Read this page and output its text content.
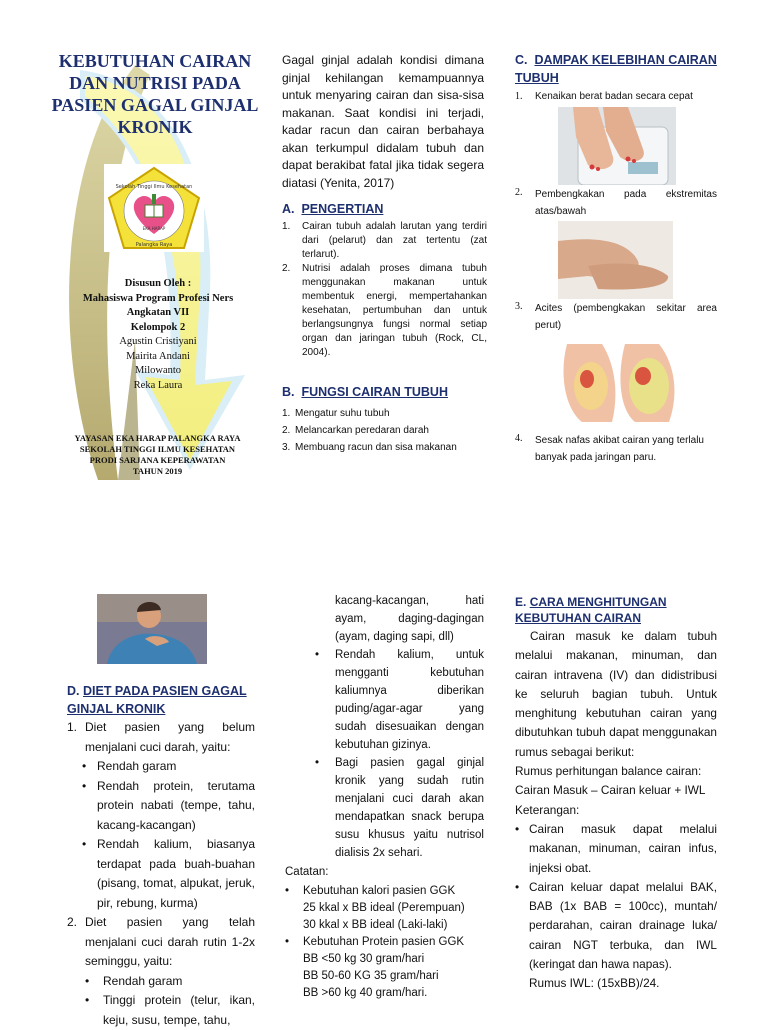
KEBUTUHAN CAIRAN DAN NUTRISI PADA PASIEN GAGAL GINJAL KRONIK
Sekolah Tinggi Ilmu Kesehatan
EKA HARAP
Palangka Raya
Disusun Oleh :
Mahasiswa Program Profesi Ners
Angkatan VII
Kelompok 2
Agustin Cristiyani
Mairita Andani
Milowanto
Reka Laura
YAYASAN EKA HARAP PALANGKA RAYA
SEKOLAH TINGGI ILMU KESEHATAN
PRODI SARJANA KEPERAWATAN
TAHUN 2019
Gagal ginjal adalah kondisi dimana ginjal kehilangan kemampuannya untuk menyaring cairan dan sisa-sisa makanan. Saat kondisi ini terjadi, kadar racun dan cairan berbahaya akan terkumpul didalam tubuh dan dapat berakibat fatal jika tidak segera diatasi (Yenita, 2017)
A. PENGERTIAN
1. Cairan tubuh adalah larutan yang terdiri dari (pelarut) dan zat tertentu (zat terlarut).
2. Nutrisi adalah proses dimana tubuh menggunakan makanan untuk membentuk energi, mempertahankan kesehatan, pertumbuhan dan untuk berlangsungnya fungsi normal setiap organ dan jaringan tubuh (Rock, CL, 2004).
B. FUNGSI CAIRAN TUBUH
1. Mengatur suhu tubuh
2. Melancarkan peredaran darah
3. Membuang racun dan sisa makanan
C. DAMPAK KELEBIHAN CAIRAN TUBUH
1.	Kenaikan berat badan secara cepat
2.	Pembengkakan pada ekstremitas atas/bawah
3.	Acites (pembengkakan sekitar area perut)
4.	Sesak nafas akibat cairan yang terlalu banyak pada jaringan paru.
D. DIET PADA PASIEN GAGAL GINJAL KRONIK
1. Diet pasien yang belum menjalani cuci darah, yaitu:
• Rendah garam
• Rendah protein, terutama protein nabati (tempe, tahu, kacang-kacangan)
• Rendah kalium, biasanya terdapat pada buah-buahan (pisang, tomat, alpukat, jeruk, pir, rebung, kurma)
2. Diet pasien yang telah menjalani cuci darah rutin 1-2x seminggu, yaitu:
• Rendah garam
• Tinggi protein (telur, ikan, keju, susu, tempe, tahu,
kacang-kacangan, hati ayam, daging-dagingan (ayam, daging sapi, dll)
• Rendah kalium, untuk mengganti kebutuhan kaliumnya diberikan puding/agar-agar yang sudah disesuaikan dengan kebutuhan gizinya.
• Bagi pasien gagal ginjal kronik yang sudah rutin menjalani cuci darah akan mendapatkan snack berupa susu khusus yaitu nutrisol dialisis 2x sehari.
Catatan:
• Kebutuhan kalori pasien GGK
25 kkal x BB ideal (Perempuan)
30 kkal x BB ideal (Laki-laki)
• Kebutuhan Protein pasien GGK
BB <50 kg 30 gram/hari
BB 50-60 KG 35 gram/hari
BB >60 kg 40 gram/hari.
E. CARA MENGHITUNGAN KEBUTUHAN CAIRAN
Cairan masuk ke dalam tubuh melalui makanan, minuman, dan cairan intravena (IV) dan didistribusi ke seluruh bagian tubuh. Untuk menghitung kebutuhan cairan yang dibutuhkan tubuh dapat menggunakan rumus sebagai berikut:
Rumus perhitungan balance cairan:
Cairan Masuk – Cairan keluar + IWL
Keterangan:
• Cairan masuk dapat melalui makanan, minuman, cairan infus, injeksi obat.
• Cairan keluar dapat melalui BAK, BAB (1x BAB = 100cc), muntah/ perdarahan, cairan drainage luka/ cairan NGT terbuka, dan IWL (keringat dan hawa napas).
Rumus IWL: (15xBB)/24.
